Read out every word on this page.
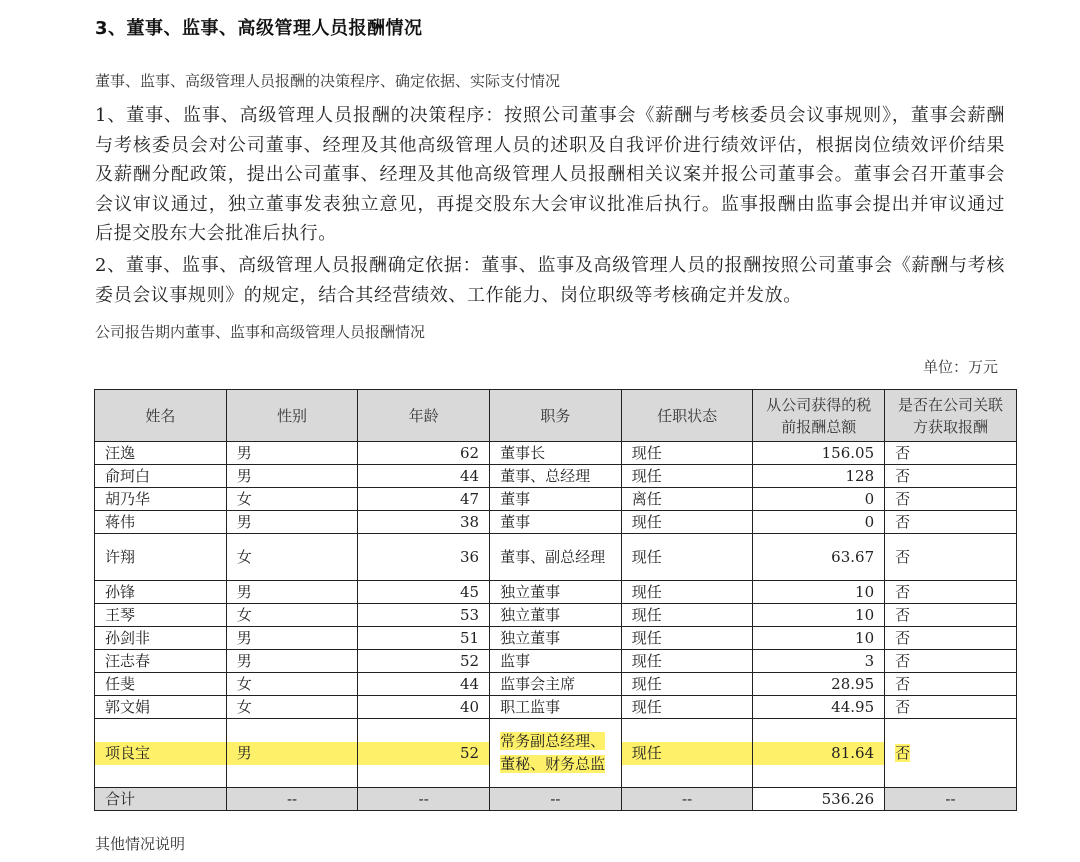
3、董事、监事、高级管理人员报酬情况
董事、监事、高级管理人员报酬的决策程序、确定依据、实际支付情况
1、董事、监事、高级管理人员报酬的决策程序：按照公司董事会《薪酬与考核委员会议事规则》，董事会薪酬与考核委员会对公司董事、经理及其他高级管理人员的述职及自我评价进行绩效评估，根据岗位绩效评价结果及薪酬分配政策，提出公司董事、经理及其他高级管理人员报酬相关议案并报公司董事会。董事会召开董事会会议审议通过，独立董事发表独立意见，再提交股东大会审议批准后执行。监事报酬由监事会提出并审议通过后提交股东大会批准后执行。
2、董事、监事、高级管理人员报酬确定依据：董事、监事及高级管理人员的报酬按照公司董事会《薪酬与考核委员会议事规则》的规定，结合其经营绩效、工作能力、岗位职级等考核确定并发放。
公司报告期内董事、监事和高级管理人员报酬情况
单位：万元
姓名	性别	年龄	职务	任职状态	从公司获得的税前报酬总额	是否在公司关联方获取报酬
汪逸	男	62	董事长	现任	156.05	否
俞珂白	男	44	董事、总经理	现任	128	否
胡乃华	女	47	董事	离任	0	否
蒋伟	男	38	董事	现任	0	否
许翔	女	36	董事、副总经理	现任	63.67	否
孙锋	男	45	独立董事	现任	10	否
王琴	女	53	独立董事	现任	10	否
孙剑非	男	51	独立董事	现任	10	否
汪志春	男	52	监事	现任	3	否
任斐	女	44	监事会主席	现任	28.95	否
郭文娟	女	40	职工监事	现任	44.95	否
项良宝	男	52	常务副总经理、董秘、财务总监	现任	81.64	否
合计	--	--	--	--	536.26	--
其他情况说明
